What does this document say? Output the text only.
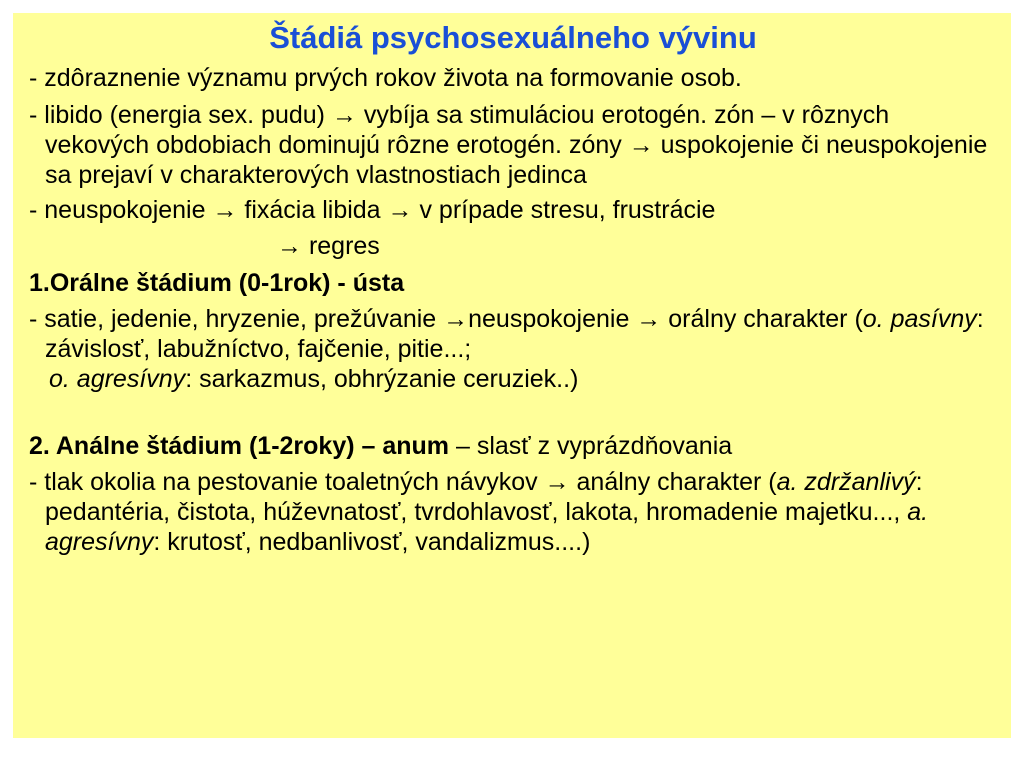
Štádiá psychosexuálneho vývinu
- zdôraznenie významu prvých rokov života na formovanie osob.
- libido (energia sex. pudu) → vybíja sa stimuláciou erotogén. zón – v rôznych vekových obdobiach dominujú rôzne erotogén. zóny → uspokojenie či neuspokojenie sa prejaví v charakterových vlastnostiach jedinca
- neuspokojenie → fixácia libida → v prípade stresu, frustrácie
→ regres
1.Orálne štádium (0-1rok) - ústa
- satie, jedenie, hryzenie, prežúvanie →neuspokojenie → orálny charakter (o. pasívny: závislosť, labužníctvo, fajčenie, pitie...;
o. agresívny: sarkazmus, obhrýzanie ceruziek..)
2. Análne štádium (1-2roky) – anum – slasť z vyprázdňovania
- tlak okolia na pestovanie toaletných návykov → análny charakter (a. zdržanlivý: pedantéria, čistota, húževnatosť, tvrdohlavosť, lakota, hromadenie majetku..., a. agresívny: krutosť, nedbanlivosť, vandalizmus....)
